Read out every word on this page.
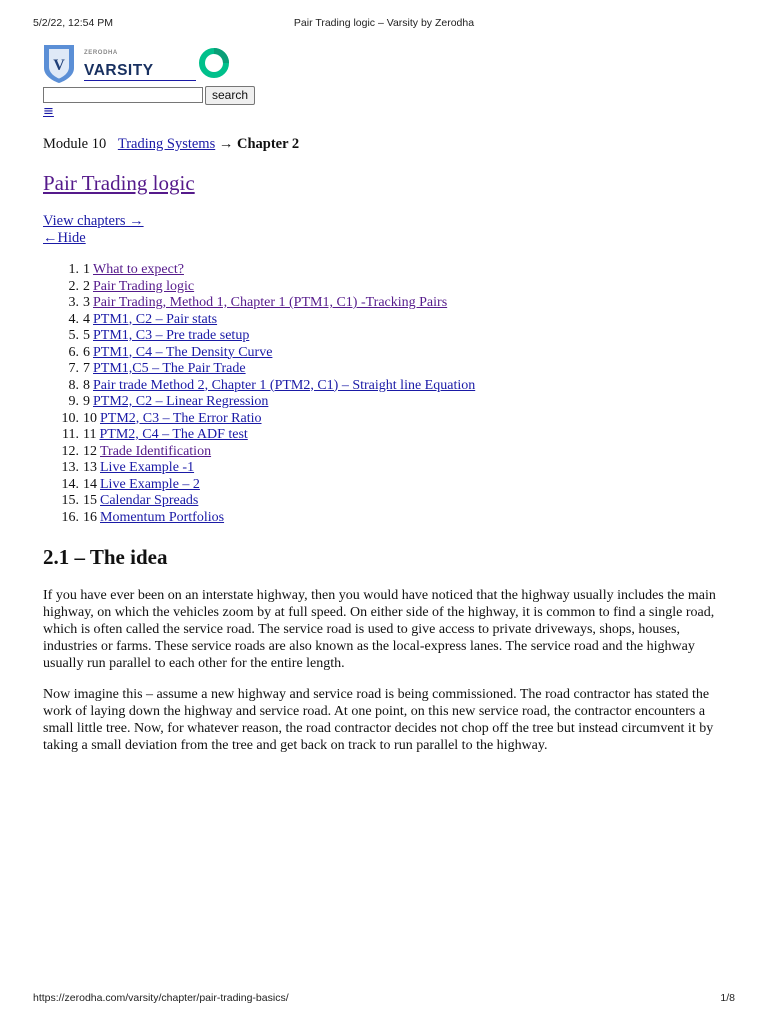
5/2/22, 12:54 PM	Pair Trading logic – Varsity by Zerodha
V
ZERODHA
VARSITY
search
≡
Module 10 Trading Systems → Chapter 2
Pair Trading logic
View chapters →
←Hide
1. 1 What to expect?
2. 2 Pair Trading logic
3. 3 Pair Trading, Method 1, Chapter 1 (PTM1, C1) -Tracking Pairs
4. 4 PTM1, C2 – Pair stats
5. 5 PTM1, C3 – Pre trade setup
6. 6 PTM1, C4 – The Density Curve
7. 7 PTM1,C5 – The Pair Trade
8. 8 Pair trade Method 2, Chapter 1 (PTM2, C1) – Straight line Equation
9. 9 PTM2, C2 – Linear Regression
10. 10 PTM2, C3 – The Error Ratio
11. 11 PTM2, C4 – The ADF test
12. 12 Trade Identification
13. 13 Live Example -1
14. 14 Live Example – 2
15. 15 Calendar Spreads
16. 16 Momentum Portfolios
2.1 – The idea

If you have ever been on an interstate highway, then you would have noticed that the highway usually includes the main highway, on which the vehicles zoom by at full speed. On either side of the highway, it is common to find a single road, which is often called the service road. The service road is used to give access to private driveways, shops, houses, industries or farms. These service roads are also known as the local-express lanes. The service road and the highway usually run parallel to each other for the entire length.

Now imagine this – assume a new highway and service road is being commissioned. The road contractor has stated the work of laying down the highway and service road. At one point, on this new service road, the contractor encounters a small little tree. Now, for whatever reason, the road contractor decides not chop off the tree but instead circumvent it by taking a small deviation from the tree and get back on track to run parallel to the highway.

https://zerodha.com/varsity/chapter/pair-trading-basics/	1/8
